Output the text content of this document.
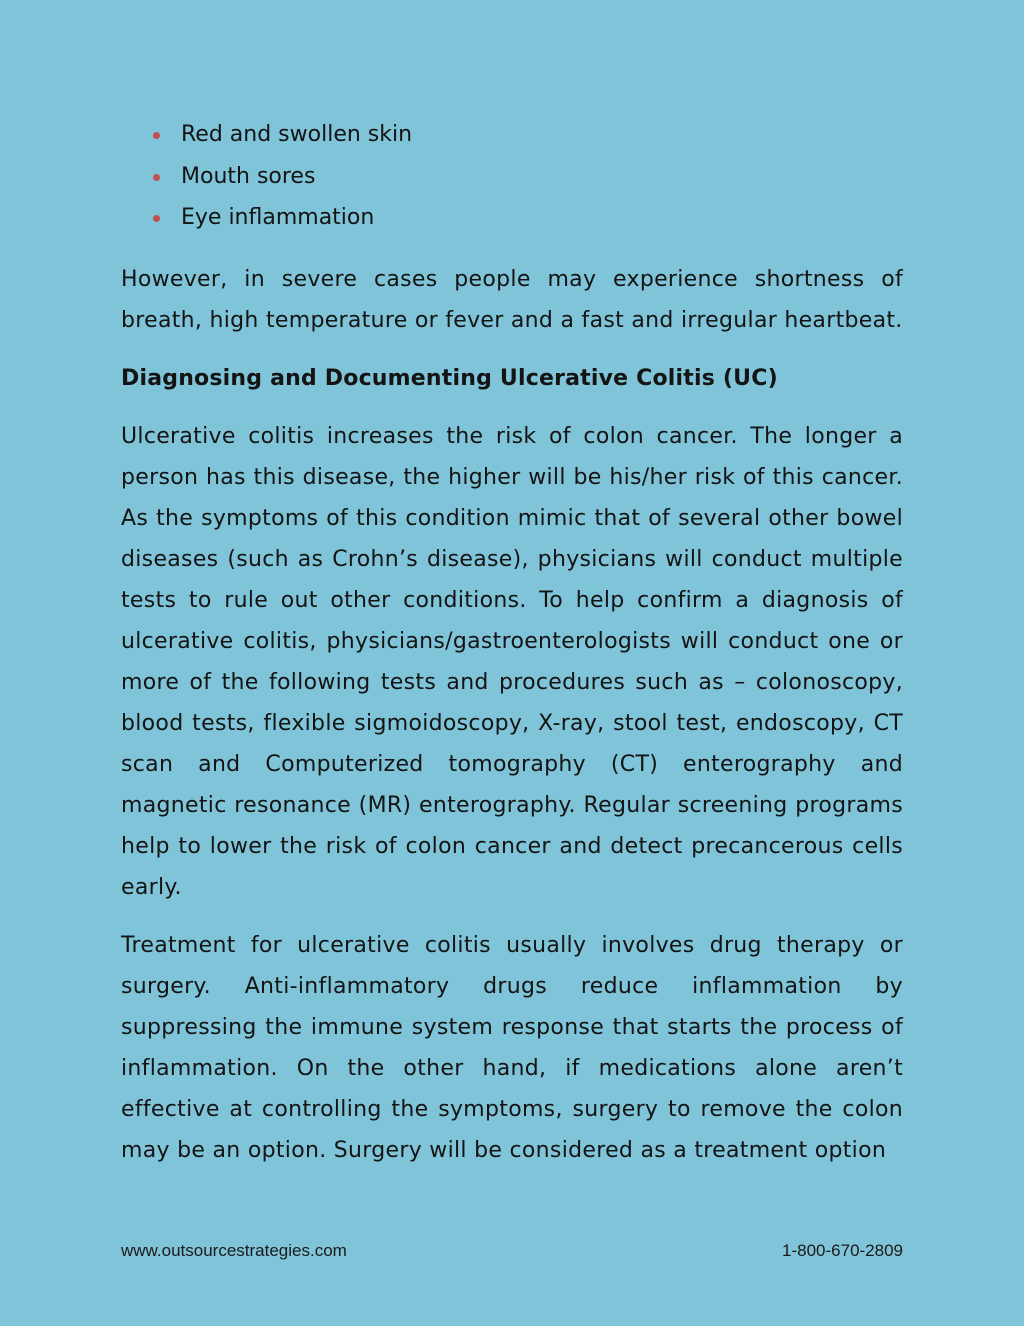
Red and swollen skin
Mouth sores
Eye inflammation

However, in severe cases people may experience shortness of breath, high temperature or fever and a fast and irregular heartbeat.

Diagnosing and Documenting Ulcerative Colitis (UC)

Ulcerative colitis increases the risk of colon cancer. The longer a person has this disease, the higher will be his/her risk of this cancer. As the symptoms of this condition mimic that of several other bowel diseases (such as Crohn’s disease), physicians will conduct multiple tests to rule out other conditions. To help confirm a diagnosis of ulcerative colitis, physicians/gastroenterologists will conduct one or more of the following tests and procedures such as – colonoscopy, blood tests, flexible sigmoidoscopy, X-ray, stool test, endoscopy, CT scan and Computerized tomography (CT) enterography and magnetic resonance (MR) enterography. Regular screening programs help to lower the risk of colon cancer and detect precancerous cells early.

Treatment for ulcerative colitis usually involves drug therapy or surgery. Anti-inflammatory drugs reduce inflammation by suppressing the immune system response that starts the process of inflammation. On the other hand, if medications alone aren’t effective at controlling the symptoms, surgery to remove the colon may be an option. Surgery will be considered as a treatment option

www.outsourcestrategies.com	1-800-670-2809
